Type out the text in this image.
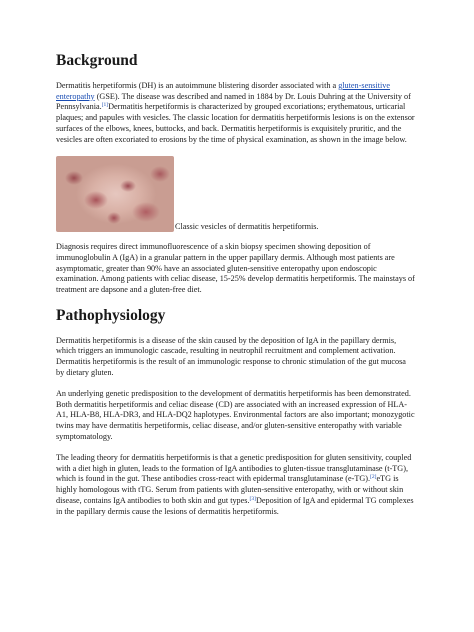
Background

Dermatitis herpetiformis (DH) is an autoimmune blistering disorder associated with a gluten-sensitive enteropathy (GSE). The disease was described and named in 1884 by Dr. Louis Duhring at the University of Pennsylvania.[1]Dermatitis herpetiformis is characterized by grouped excoriations; erythematous, urticarial plaques; and papules with vesicles. The classic location for dermatitis herpetiformis lesions is on the extensor surfaces of the elbows, knees, buttocks, and back. Dermatitis herpetiformis is exquisitely pruritic, and the vesicles are often excoriated to erosions by the time of physical examination, as shown in the image below.

Classic vesicles of dermatitis herpetiformis.

Diagnosis requires direct immunofluorescence of a skin biopsy specimen showing deposition of immunoglobulin A (IgA) in a granular pattern in the upper papillary dermis. Although most patients are asymptomatic, greater than 90% have an associated gluten-sensitive enteropathy upon endoscopic examination. Among patients with celiac disease, 15-25% develop dermatitis herpetiformis. The mainstays of treatment are dapsone and a gluten-free diet.

Pathophysiology

Dermatitis herpetiformis is a disease of the skin caused by the deposition of IgA in the papillary dermis, which triggers an immunologic cascade, resulting in neutrophil recruitment and complement activation. Dermatitis herpetiformis is the result of an immunologic response to chronic stimulation of the gut mucosa by dietary gluten.

An underlying genetic predisposition to the development of dermatitis herpetiformis has been demonstrated. Both dermatitis herpetiformis and celiac disease (CD) are associated with an increased expression of HLA-A1, HLA-B8, HLA-DR3, and HLA-DQ2 haplotypes. Environmental factors are also important; monozygotic twins may have dermatitis herpetiformis, celiac disease, and/or gluten-sensitive enteropathy with variable symptomatology.

The leading theory for dermatitis herpetiformis is that a genetic predisposition for gluten sensitivity, coupled with a diet high in gluten, leads to the formation of IgA antibodies to gluten-tissue transglutaminase (t-TG), which is found in the gut. These antibodies cross-react with epidermal transglutaminase (e-TG).[2]eTG is highly homologous with tTG. Serum from patients with gluten-sensitive enteropathy, with or without skin disease, contains IgA antibodies to both skin and gut types.[3]Deposition of IgA and epidermal TG complexes in the papillary dermis cause the lesions of dermatitis herpetiformis.
